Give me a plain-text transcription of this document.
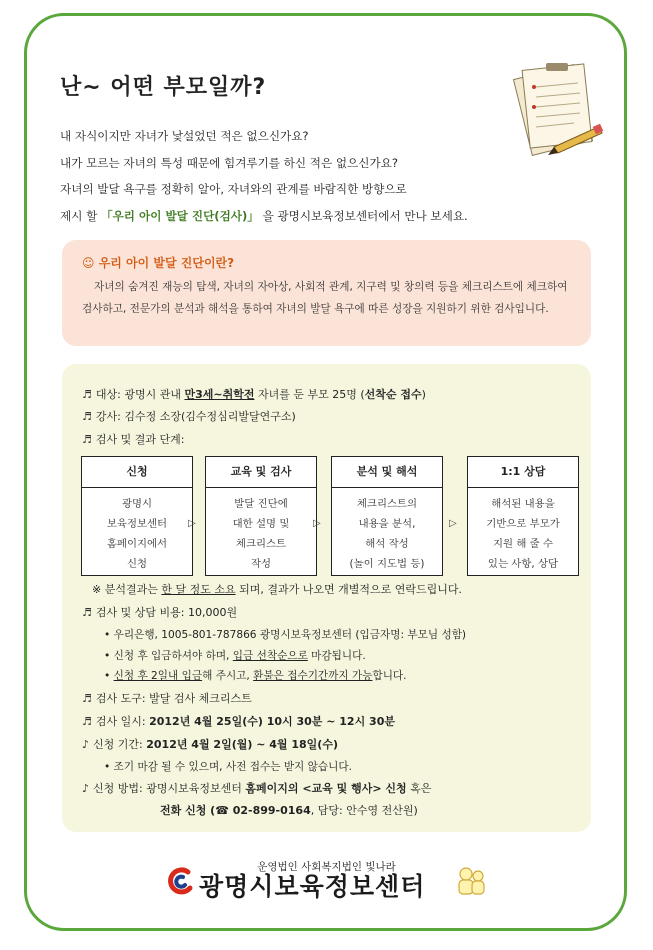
난~ 어떤 부모일까?
내 자식이지만 자녀가 낯설었던 적은 없으신가요?
내가 모르는 자녀의 특성 때문에 힘겨루기를 하신 적은 없으신가요?
자녀의 발달 욕구를 정확히 알아, 자녀와의 관계를 바람직한 방향으로
제시 할 「우리 아이 발달 진단(검사)」 을 광명시보육정보센터에서 만나 보세요.
☺ 우리 아이 발달 진단이란?
자녀의 숨겨진 재능의 탐색, 자녀의 자아상, 사회적 관계, 지구력 및 창의력 등을 체크리스트에 체크하여 검사하고, 전문가의 분석과 해석을 통하여 자녀의 발달 욕구에 따른 성장을 지원하기 위한 검사입니다.
♬ 대상: 광명시 관내 만3세~취학전 자녀를 둔 부모 25명 (선착순 접수)
♬ 강사: 김수정 소장(김수정심리발달연구소)
♬ 검사 및 결과 단계:
신청
광명시
보육정보센터
홈페이지에서
신청
▷
교육 및 검사
발달 진단에
대한 설명 및
체크리스트
작성
▷
분석 및 해석
체크리스트의
내용을 분석,
해석 작성
(놀이 지도법 등)
▷
1:1 상담
해석된 내용을
기반으로 부모가
지원 해 줄 수
있는 사항, 상담
※ 분석결과는 한 달 정도 소요 되며, 결과가 나오면 개별적으로 연락드립니다.
♬ 검사 및 상담 비용: 10,000원
• 우리은행, 1005-801-787866 광명시보육정보센터 (입금자명: 부모님 성함)
• 신청 후 입금하셔야 하며, 입금 선착순으로 마감됩니다.
• 신청 후 2일내 입금해 주시고, 환불은 접수기간까지 가능합니다.
♬ 검사 도구: 발달 검사 체크리스트
♬ 검사 일시: 2012년 4월 25일(수) 10시 30분 ~ 12시 30분
♪ 신청 기간: 2012년 4월 2일(월) ~ 4월 18일(수)
• 조기 마감 될 수 있으며, 사전 접수는 받지 않습니다.
♪ 신청 방법: 광명시보육정보센터 홈페이지의 <교육 및 행사> 신청 혹은
전화 신청 (☎ 02-899-0164, 담당: 안수영 전산원)
운영법인 사회복지법인 빛나라
광명시보육정보센터
